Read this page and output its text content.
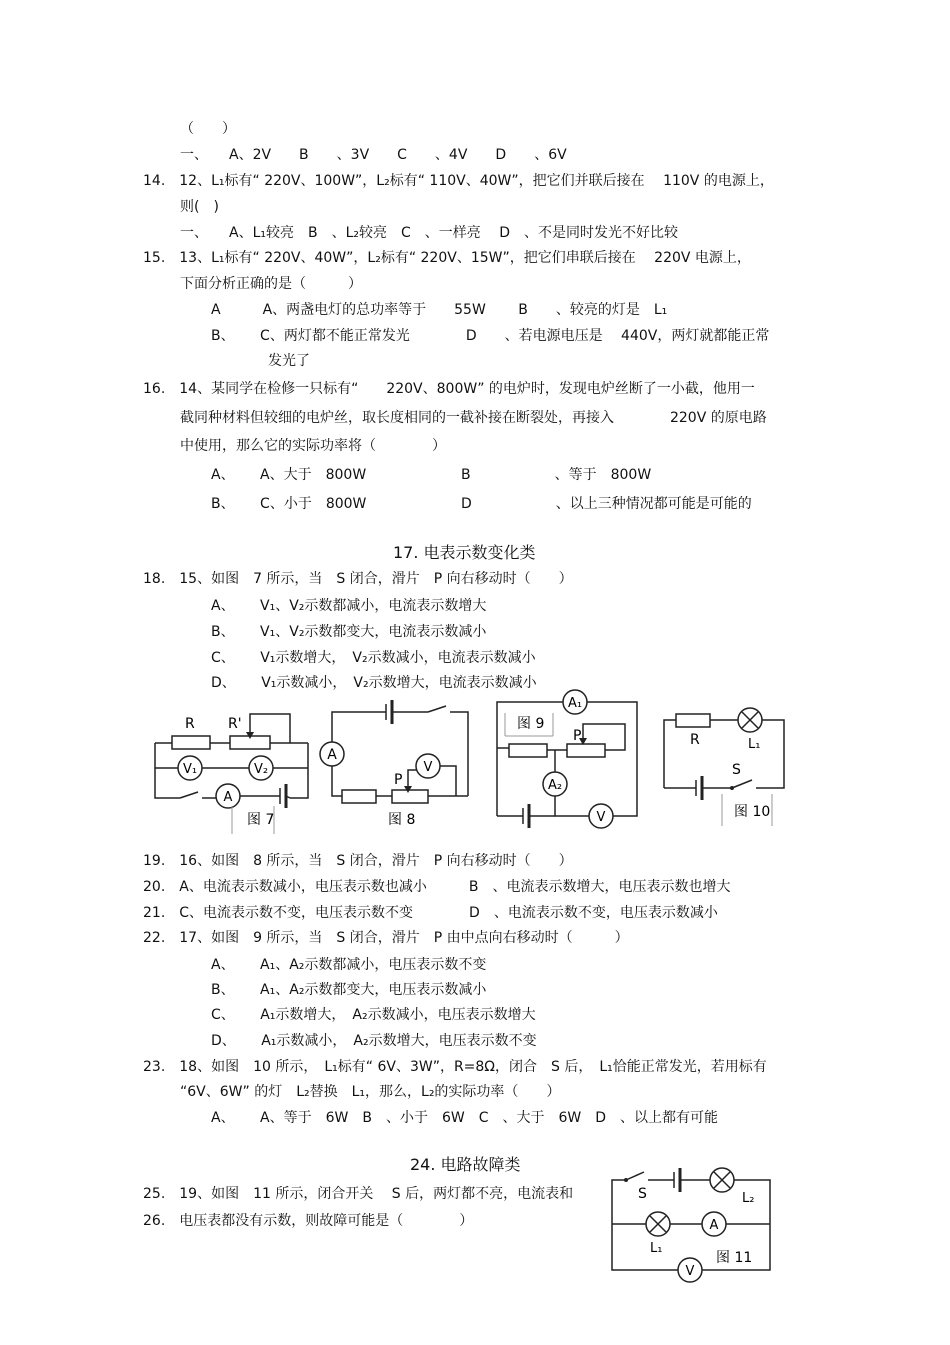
（　　）
一、　　A、2V　　B　　、3V　　C　　、4V　　D　　、6V
14.　12、L₁标有“ 220V、100W”，L₂标有“ 110V、40W”，把它们并联后接在　 110V 的电源上，
则(　)
一、　　A、L₁较亮　B　、L₂较亮　C　、一样亮　 D　、不是同时发光不好比较
15.　13、L₁标有“ 220V、40W”，L₂标有“ 220V、15W”，把它们串联后接在　 220V 电源上，
下面分析正确的是（　　　）
A　　　A、两盏电灯的总功率等于　　55W　　 B　　、较亮的灯是　L₁
B、　　 C、两灯都不能正常发光　　　　D　　、若电源电压是　 440V，两灯就都能正常
发光了
16.　14、某同学在检修一只标有“　　220V、800W” 的电炉时，发现电炉丝断了一小截，他用一
截同种材料但较细的电炉丝，取长度相同的一截补接在断裂处，再接入　　　　220V 的原电路
中使用，那么它的实际功率将（　　　　）
A、　　 A、大于　800W	B　　　　　　、等于　800W
B、　　 C、小于　800W	D　　　　　　、以上三种情况都可能是可能的
17. 电表示数变化类
18.　15、如图　7 所示，当　S 闭合，滑片　P 向右移动时（　　）
A、　　 V₁、V₂示数都减小，电流表示数增大
B、　　 V₁、V₂示数都变大，电流表示数减小
C、　　 V₁示数增大，　V₂示数减小，电流表示数减小
D、　　 V₁示数减小，　V₂示数增大，电流表示数减小
R R'
V₁	V₂
A
图 7
A
V
P
图 8
A₁
图 9
P
A₂
V
R	L₁
S
图 10
19.　16、如图　8 所示，当　S 闭合，滑片　P 向右移动时（　　）
20.　A、电流表示数减小，电压表示数也减小　　　B　、电流表示数增大，电压表示数也增大
21.　C、电流表示数不变，电压表示数不变　　　　D　、电流表示数不变，电压表示数减小
22.　17、如图　9 所示，当　S 闭合，滑片　P 由中点向右移动时（　　　）
A、　　 A₁、A₂示数都减小，电压表示数不变
B、　　 A₁、A₂示数都变大，电压表示数减小
C、　　 A₁示数增大，　A₂示数减小，电压表示数增大
D、　　 A₁示数减小，　A₂示数增大，电压表示数不变
23.　18、如图　10 所示，　L₁标有“ 6V、3W”，R=8Ω，闭合　S 后，　L₁恰能正常发光，若用标有
“6V、6W” 的灯　L₂替换　L₁，那么，L₂的实际功率（　　）
A、　　 A、等于　6W　B　、小于　6W　C　、大于　6W　D　、以上都有可能
24. 电路故障类
25.　19、如图　11 所示，闭合开关　 S 后，两灯都不亮，电流表和
26.　电压表都没有示数，则故障可能是（　　　　）
S	L₂
A
L₁
图 11
V
